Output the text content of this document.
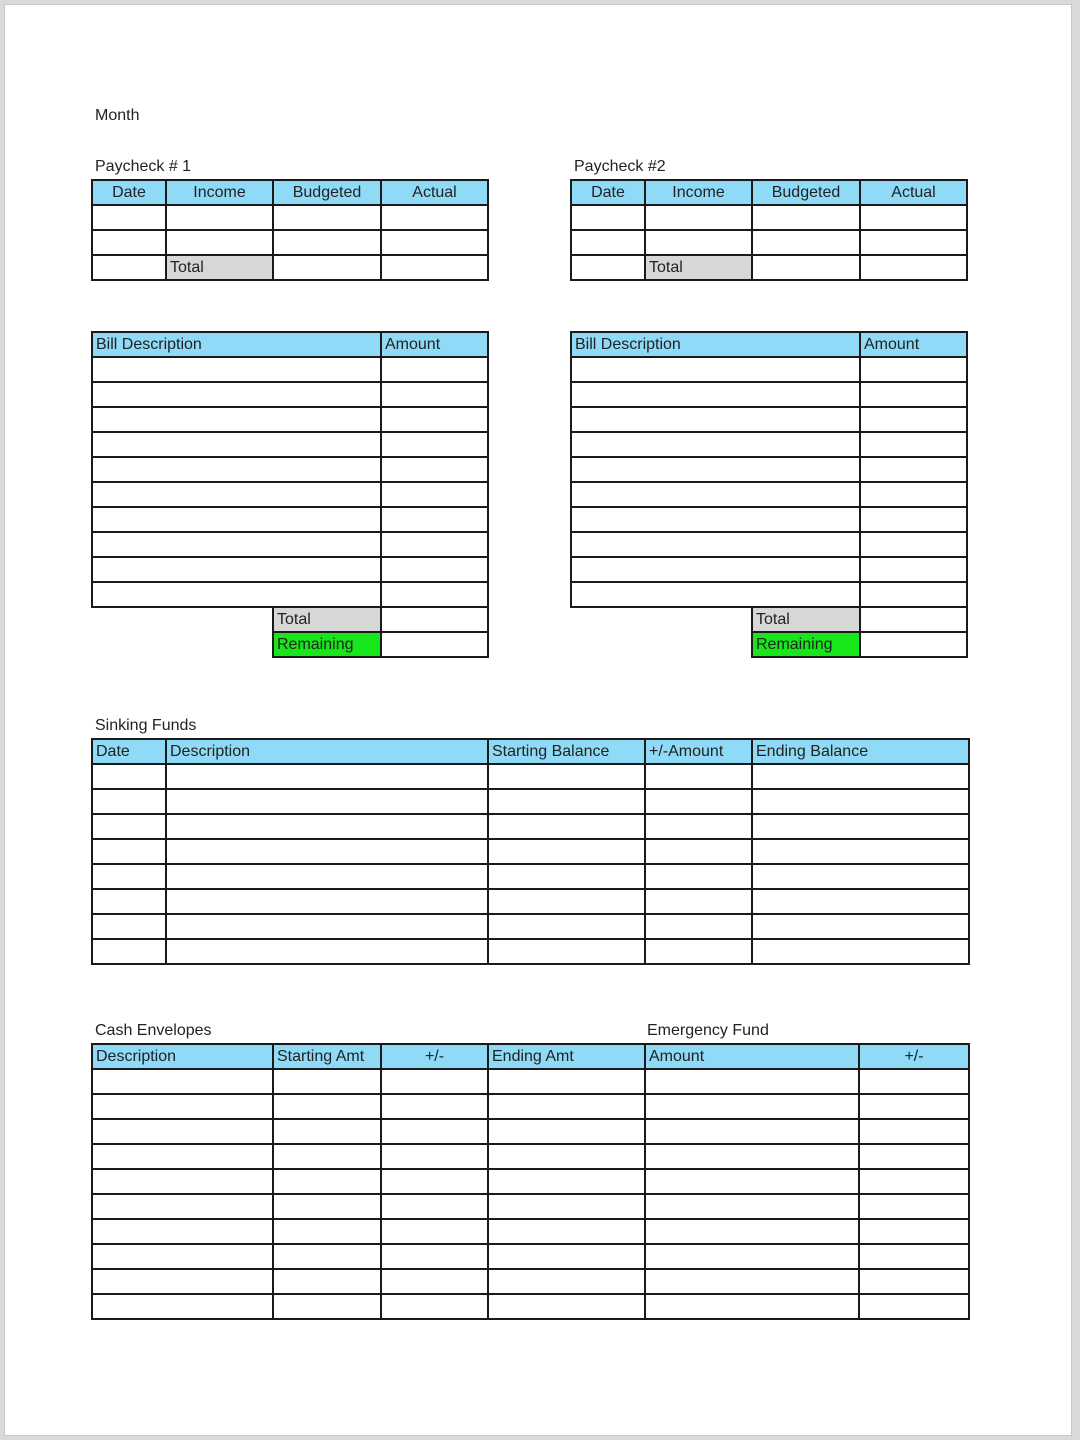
Month
Paycheck # 1
Date	Income	Budgeted	Actual

	Total		
Paycheck #2
Date	Income	Budgeted	Actual

	Total		
Bill Description		Amount

	Total	
	Remaining	
Bill Description		Amount

	Total	
	Remaining	
Sinking Funds
Date	Description	Starting Balance	+/-Amount	Ending Balance

Cash Envelopes	Emergency Fund
Description	Starting Amt	+/-	Ending Amt	Amount	+/-
